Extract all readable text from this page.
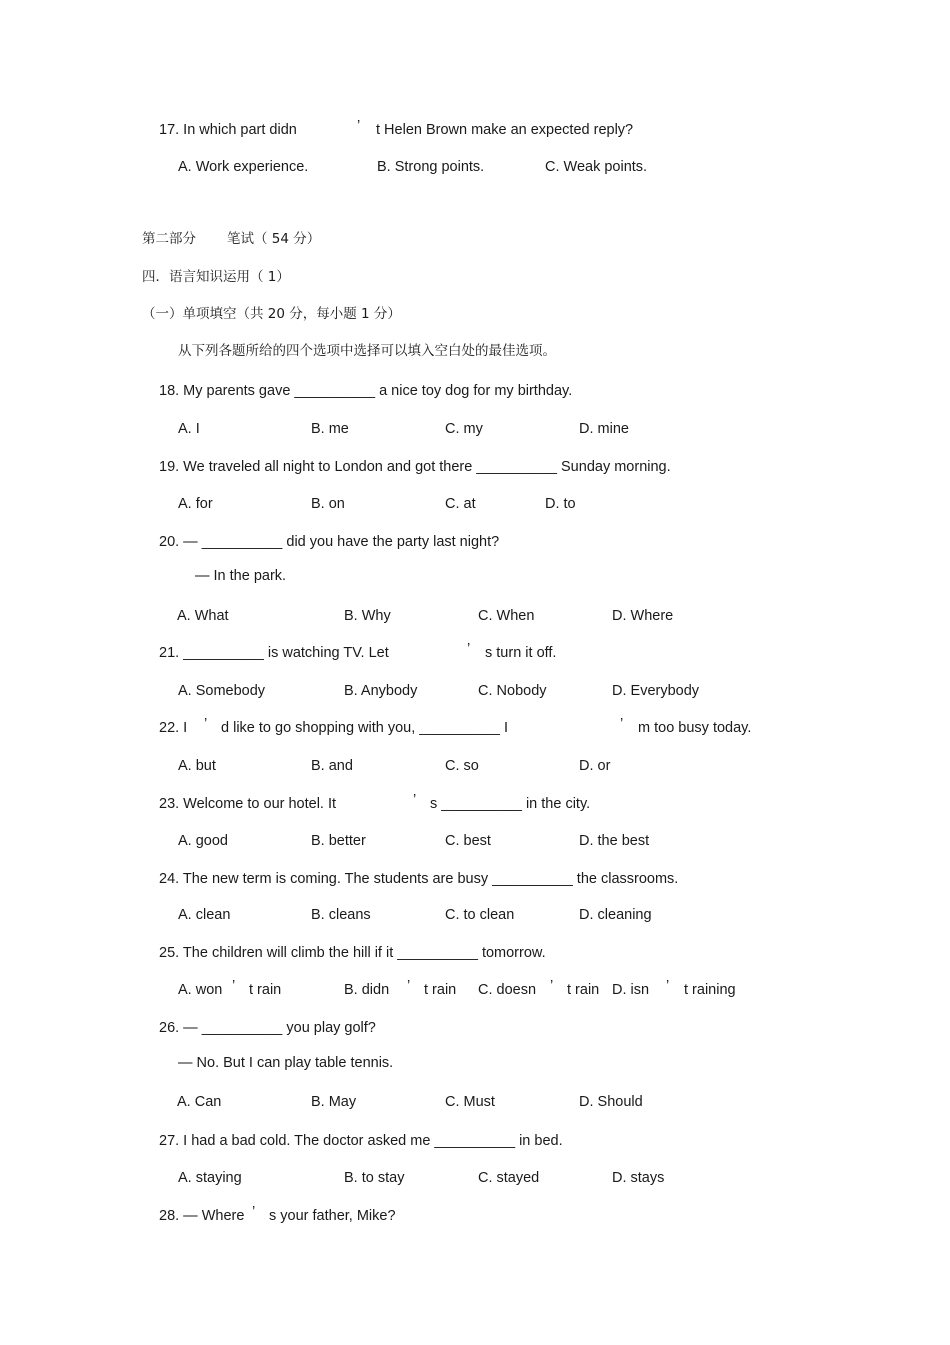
17. In which part didn	’ t Helen Brown make an expected reply?
A. Work experience.	B. Strong points.	C. Weak points.
第二部分 笔试（ 54 分）
四．语言知识运用（ 1）
（一）单项填空（共 20 分，每小题 1 分）
从下列各题所给的四个选项中选择可以填入空白处的最佳选项。
18. My parents gave __________ a nice toy dog for my birthday.
A. I	B. me	C. my	D. mine
19. We traveled all night to London and got there __________ Sunday morning.
A. for	B. on	C. at	D. to
20. — __________ did you have the party last night?
— In the park.
A. What	B. Why	C. When	D. Where
21. __________ is watching TV. Let	’ s turn it off.
A. Somebody	B. Anybody	C. Nobody	D. Everybody
22. I ’ d like to go shopping with you, __________ I	’ m too busy today.
A. but	B. and	C. so	D. or
23. Welcome to our hotel. It	’ s __________ in the city.
A. good	B. better	C. best	D. the best
24. The new term is coming. The students are busy __________ the classrooms.
A. clean	B. cleans	C. to clean	D. cleaning
25. The children will climb the hill if it __________ tomorrow.
A. won ’ t rain	B. didn ’ t rain C. doesn ’ t rain D. isn ’ t raining
26. — __________ you play golf?
— No. But I can play table tennis.
A. Can	B. May	C. Must	D. Should
27. I had a bad cold. The doctor asked me __________ in bed.
A. staying	B. to stay	C. stayed	D. stays
28. — Where ’ s your father, Mike?
